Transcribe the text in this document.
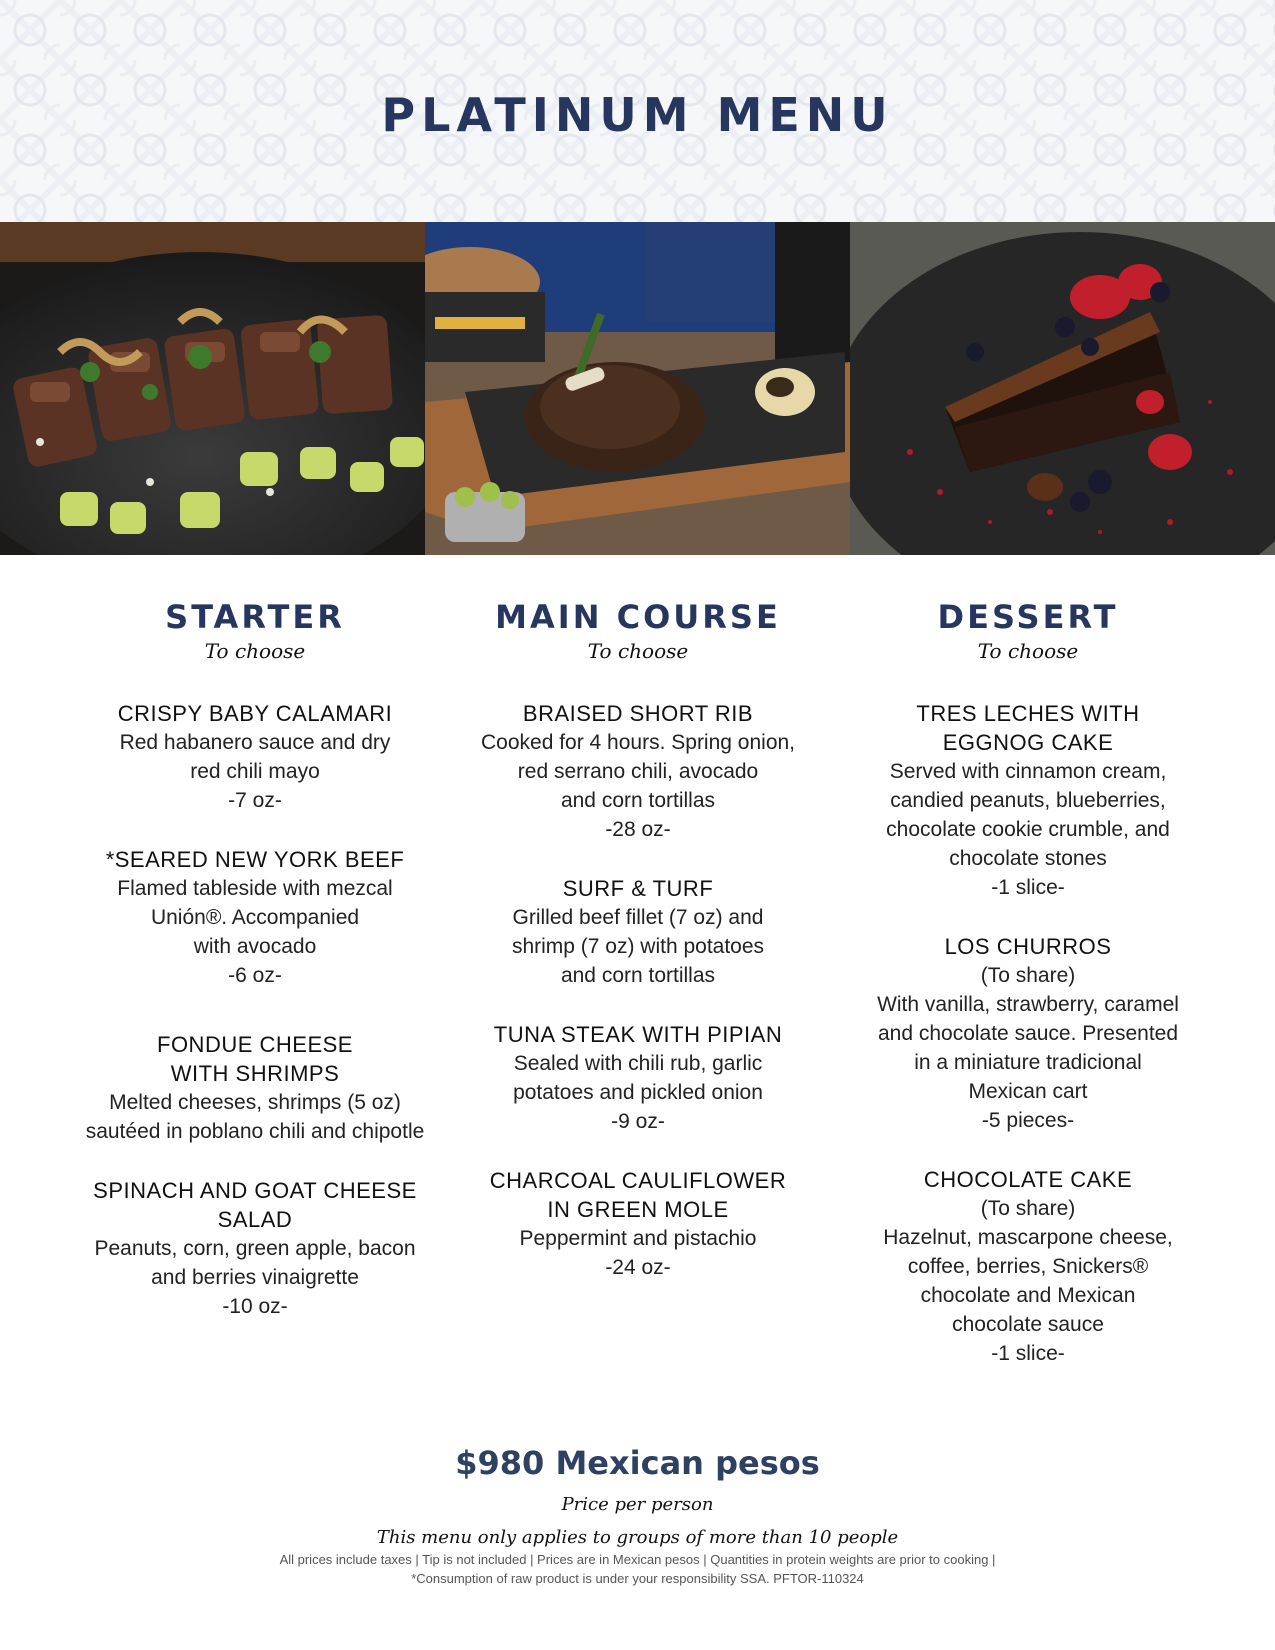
PLATINUM MENU
STARTER

To choose

CRISPY BABY CALAMARI

Red habanero sauce and dry
red chili mayo

-7 oz-

*SEARED NEW YORK BEEF

Flamed tableside with mezcal
Unión®. Accompanied
with avocado

-6 oz-

FONDUE CHEESE
WITH SHRIMPS

Melted cheeses, shrimps (5 oz)
sautéed in poblano chili and chipotle

SPINACH AND GOAT CHEESE
SALAD

Peanuts, corn, green apple, bacon
and berries vinaigrette

-10 oz-

MAIN COURSE

To choose

BRAISED SHORT RIB

Cooked for 4 hours. Spring onion,
red serrano chili, avocado
and corn tortillas

-28 oz-

SURF & TURF

Grilled beef fillet (7 oz) and
shrimp (7 oz) with potatoes
and corn tortillas

TUNA STEAK WITH PIPIAN

Sealed with chili rub, garlic
potatoes and pickled onion

-9 oz-

CHARCOAL CAULIFLOWER
IN GREEN MOLE

Peppermint and pistachio

-24 oz-

DESSERT

To choose

TRES LECHES WITH
EGGNOG CAKE

Served with cinnamon cream,
candied peanuts, blueberries,
chocolate cookie crumble, and
chocolate stones

-1 slice-

LOS CHURROS

(To share)

With vanilla, strawberry, caramel
and chocolate sauce. Presented
in a miniature tradicional
Mexican cart

-5 pieces-

CHOCOLATE CAKE

(To share)

Hazelnut, mascarpone cheese,
coffee, berries, Snickers®
chocolate and Mexican
chocolate sauce

-1 slice-

$980 Mexican pesos

Price per person

This menu only applies to groups of more than 10 people

All prices include taxes | Tip is not included | Prices are in Mexican pesos | Quantities in protein weights are prior to cooking |

*Consumption of raw product is under your responsibility SSA. PFTOR-110324
